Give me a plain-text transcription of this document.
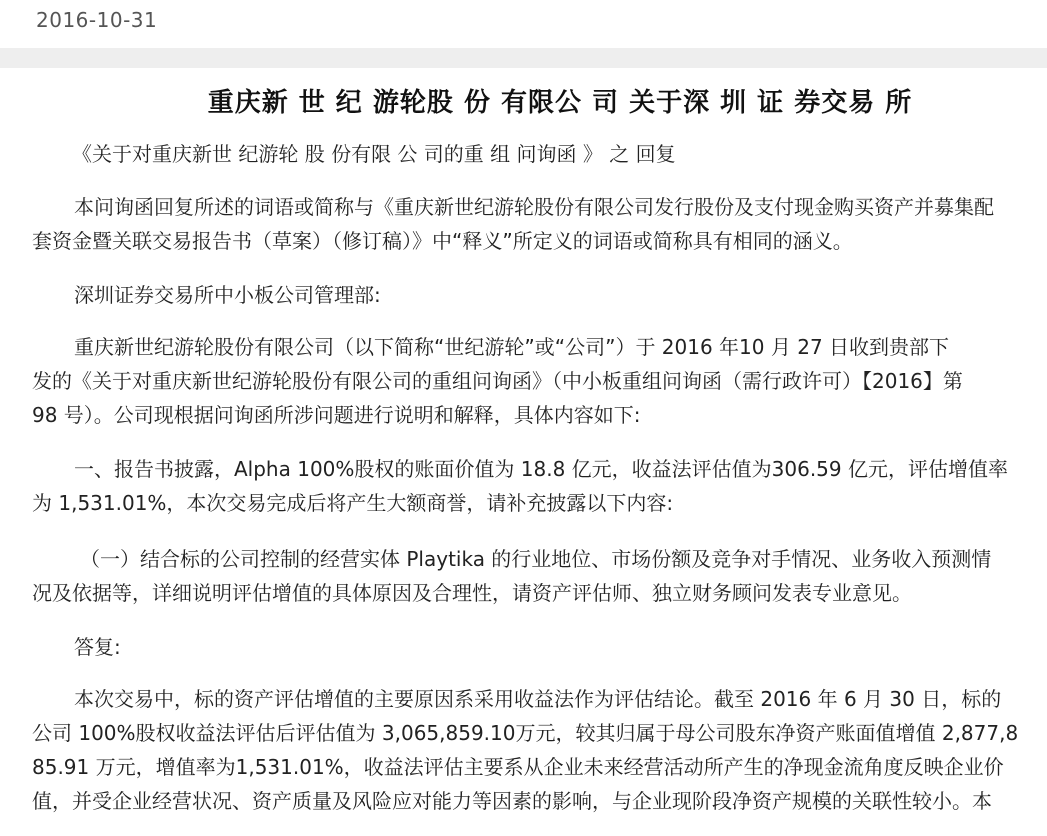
2016-10-31
重庆新 世 纪 游轮股 份 有限公 司 关于深 圳 证 券交易 所
《关于对重庆新世 纪游轮 股 份有限 公 司的重 组 问询函 》 之 回复
本问询函回复所述的词语或简称与《重庆新世纪游轮股份有限公司发行股份及支付现金购买资产并募集配
套资金暨关联交易报告书（草案）（修订稿）》中“释义”所定义的词语或简称具有相同的涵义。
深圳证券交易所中小板公司管理部:
重庆新世纪游轮股份有限公司（以下简称“世纪游轮”或“公司”）于 2016 年10 月 27 日收到贵部下
发的《关于对重庆新世纪游轮股份有限公司的重组问询函》（中小板重组问询函（需行政许可）【2016】第
98 号）。公司现根据问询函所涉问题进行说明和解释，具体内容如下:
一、报告书披露，Alpha 100%股权的账面价值为 18.8 亿元，收益法评估值为306.59 亿元，评估增值率
为 1,531.01%，本次交易完成后将产生大额商誉，请补充披露以下内容:
（一）结合标的公司控制的经营实体 Playtika 的行业地位、市场份额及竞争对手情况、业务收入预测情
况及依据等，详细说明评估增值的具体原因及合理性，请资产评估师、独立财务顾问发表专业意见。
答复:
本次交易中，标的资产评估增值的主要原因系采用收益法作为评估结论。截至 2016 年 6 月 30 日，标的
公司 100%股权收益法评估后评估值为 3,065,859.10万元，较其归属于母公司股东净资产账面值增值 2,877,8
85.91 万元，增值率为1,531.01%，收益法评估主要系从企业未来经营活动所产生的净现金流角度反映企业价
值，并受企业经营状况、资产质量及风险应对能力等因素的影响，与企业现阶段净资产规模的关联性较小。本
